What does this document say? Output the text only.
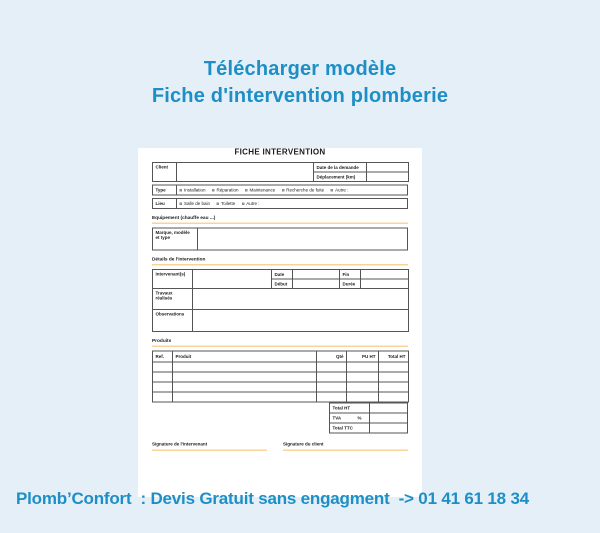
Télécharger modèle
Fiche d'intervention plomberie
FICHE INTERVENTION
Client		Date de la demande	
		Déplacement (km)	
Type	Installation Réparation Maintenance Recherche de fuite Autre :
Lieu	Salle de bain Toilette Autre :
Equipement (chauffe eau ...)
Marque, modèle et type	
Détails de l'intervention
Intervenant(s)		Date		Fin	
		Début		Durée	
Travaux réalisés					
Observations					
Produits
Ref.	Produit	Qté	PU HT	Total HT

Total HT	

TVA %	

Total TTC	
Signature de l'intervenant	Signature du client
Plomb’Confort  : Devis Gratuit sans engagment  -> 01 41 61 18 34
